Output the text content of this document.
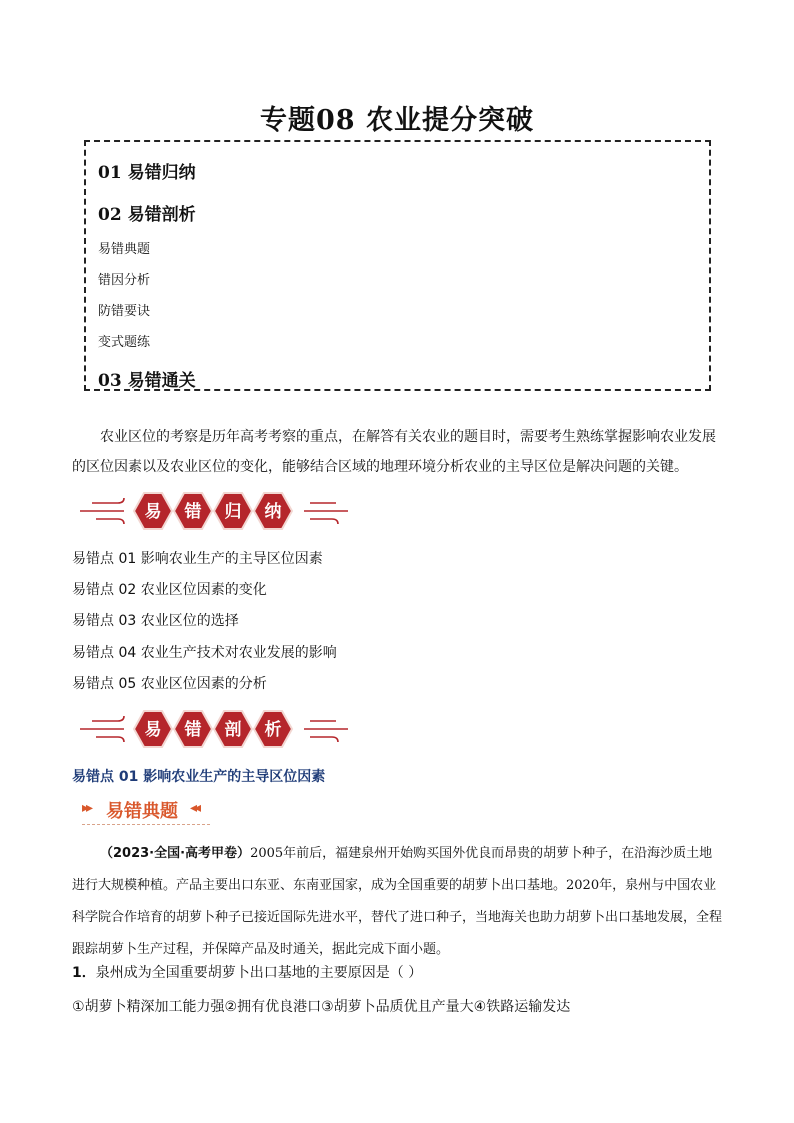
专题08 农业提分突破
01 易错归纳
02 易错剖析
易错典题
错因分析
防错要诀
变式题练
03 易错通关
农业区位的考察是历年高考考察的重点，在解答有关农业的题目时，需要考生熟练掌握影响农业发展的区位因素以及农业区位的变化，能够结合区域的地理环境分析农业的主导区位是解决问题的关键。
易 错 归 纳
易错点 01 影响农业生产的主导区位因素
易错点 02 农业区位因素的变化
易错点 03 农业区位的选择
易错点 04 农业生产技术对农业发展的影响
易错点 05 农业区位因素的分析
易 错 剖 析
易错点 01 影响农业生产的主导区位因素
▸▸ 易错典题 ◂◂
（2023·全国·高考甲卷）2005年前后，福建泉州开始购买国外优良而昂贵的胡萝卜种子，在沿海沙质土地进行大规模种植。产品主要出口东亚、东南亚国家，成为全国重要的胡萝卜出口基地。2020年，泉州与中国农业科学院合作培育的胡萝卜种子已接近国际先进水平，替代了进口种子，当地海关也助力胡萝卜出口基地发展，全程跟踪胡萝卜生产过程，并保障产品及时通关，据此完成下面小题。
1．泉州成为全国重要胡萝卜出口基地的主要原因是（ ）
①胡萝卜精深加工能力强②拥有优良港口③胡萝卜品质优且产量大④铁路运输发达
